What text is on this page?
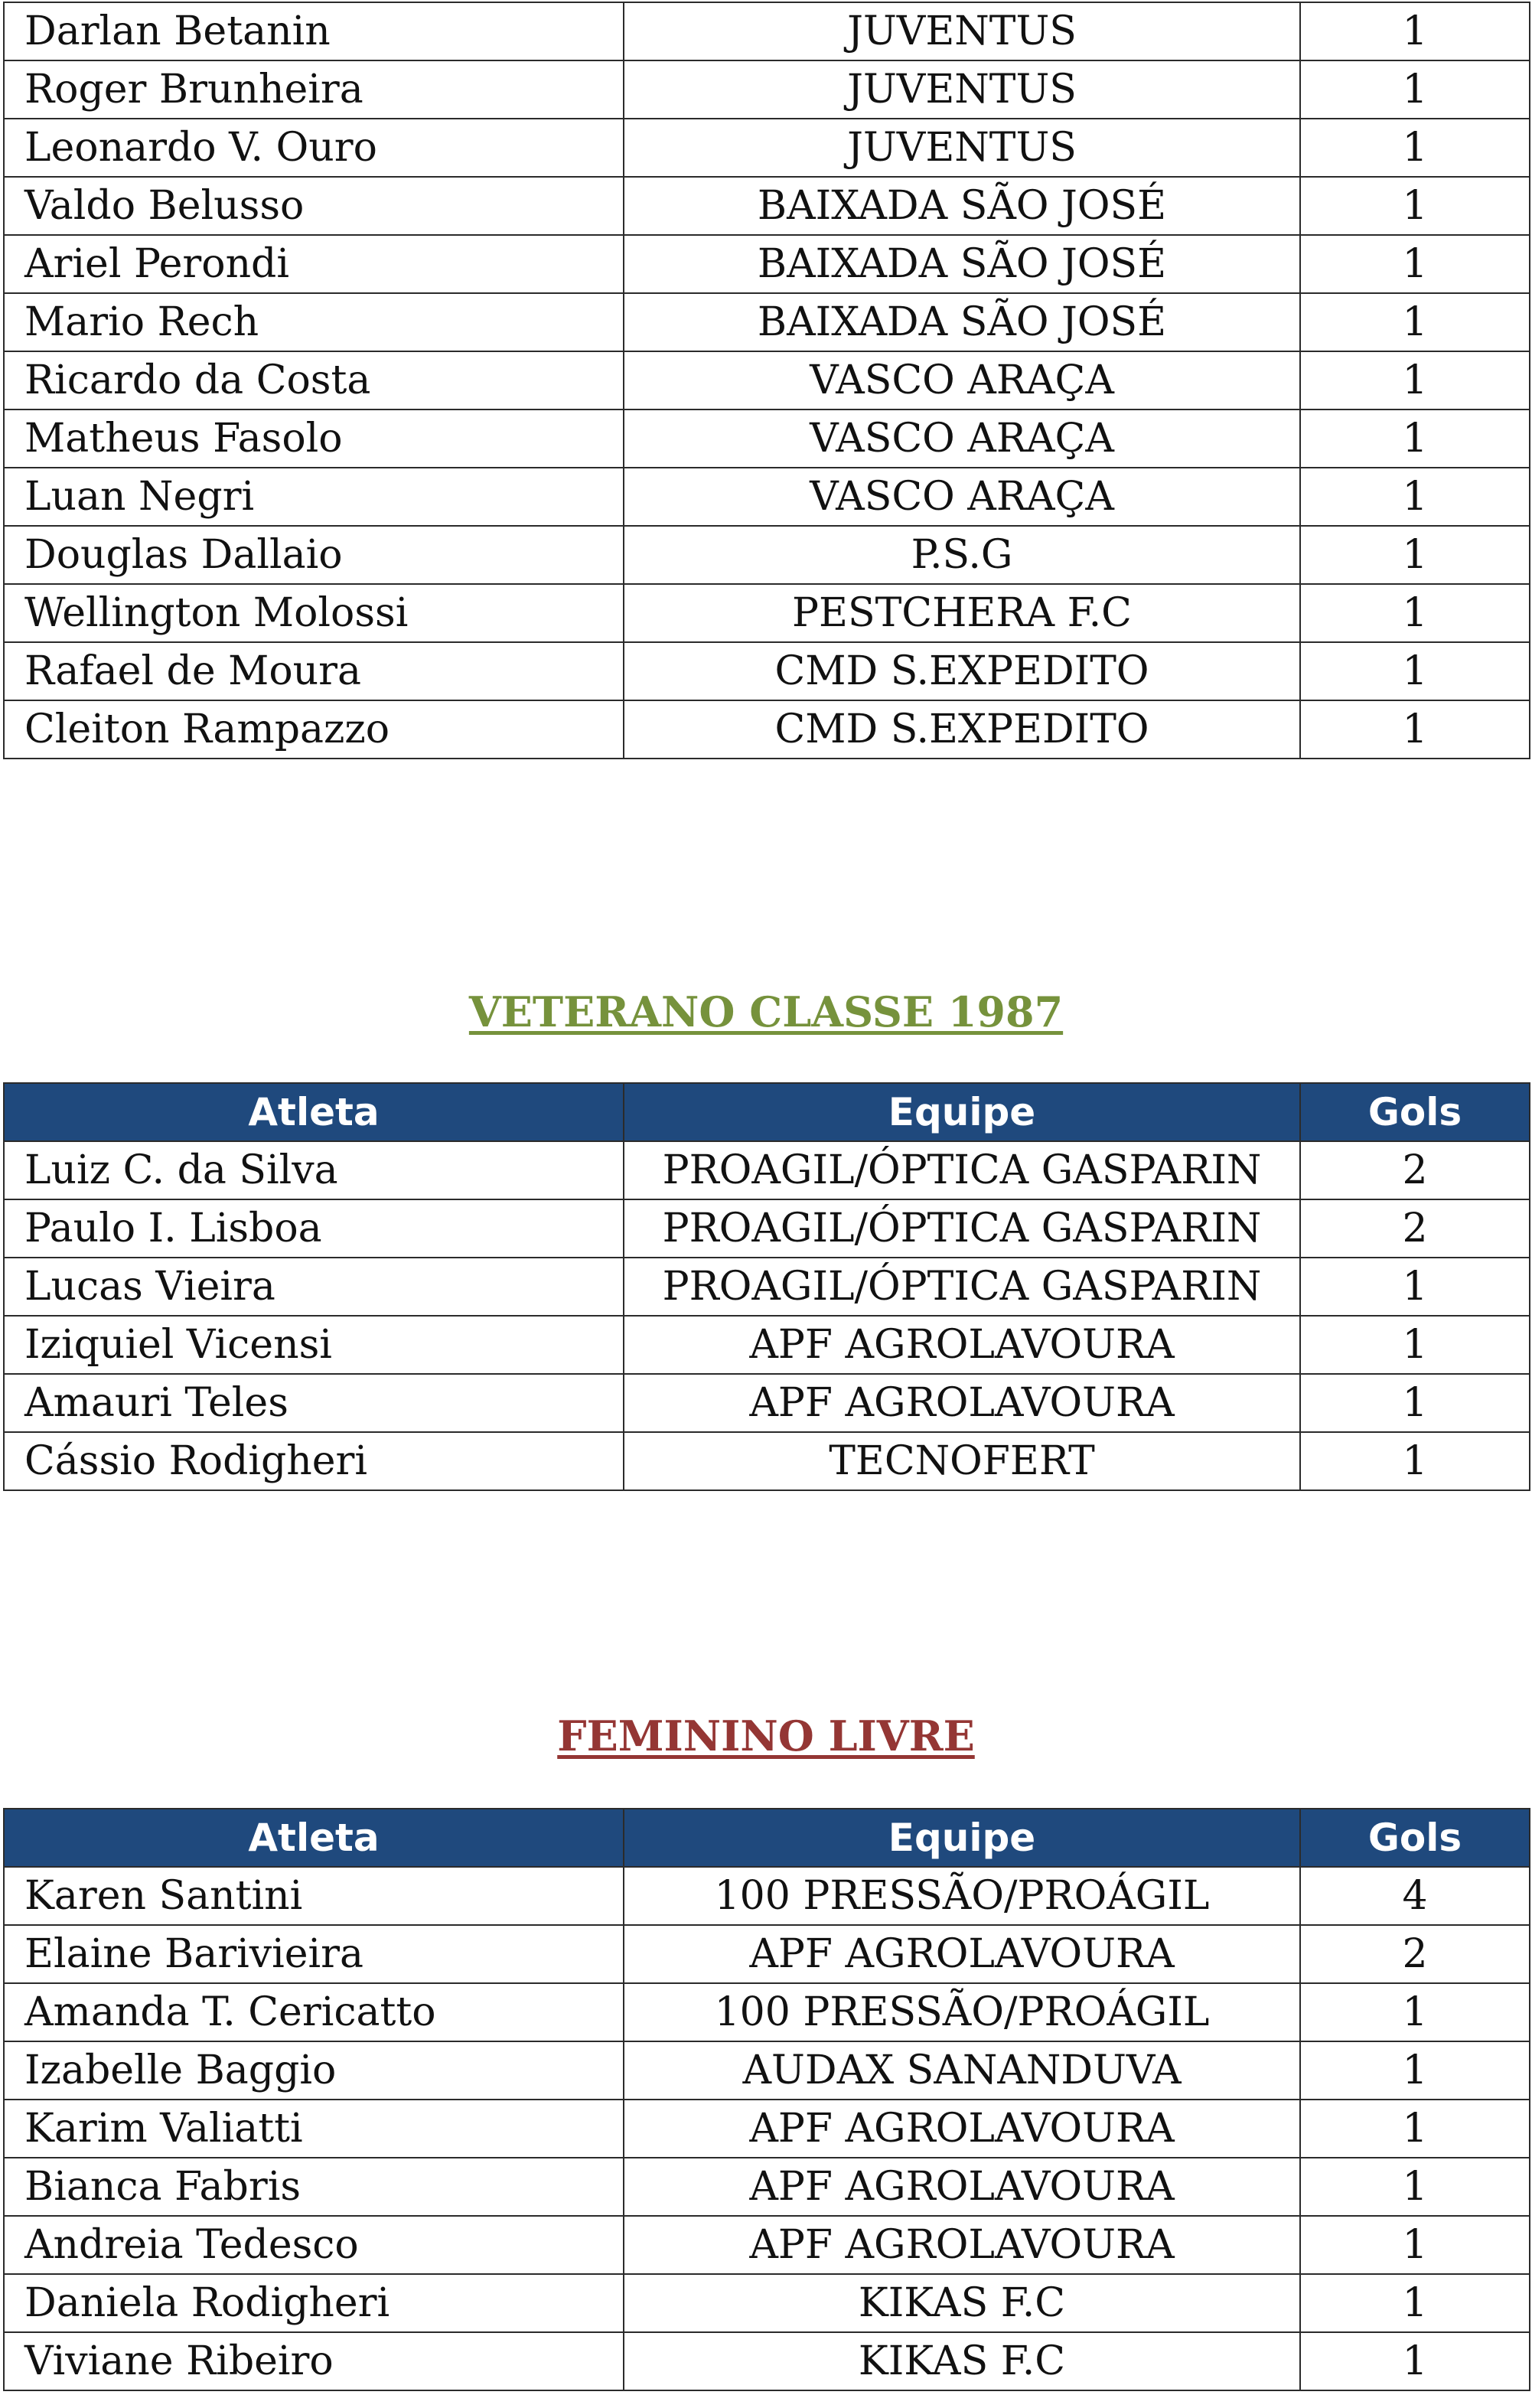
Darlan Betanin	JUVENTUS	1
Roger Brunheira	JUVENTUS	1
Leonardo V. Ouro	JUVENTUS	1
Valdo Belusso	BAIXADA SÃO JOSÉ	1
Ariel Perondi	BAIXADA SÃO JOSÉ	1
Mario Rech	BAIXADA SÃO JOSÉ	1
Ricardo da Costa	VASCO ARAÇA	1
Matheus Fasolo	VASCO ARAÇA	1
Luan Negri	VASCO ARAÇA	1
Douglas Dallaio	P.S.G	1
Wellington Molossi	PESTCHERA F.C	1
Rafael de Moura	CMD S.EXPEDITO	1
Cleiton Rampazzo	CMD S.EXPEDITO	1
VETERANO CLASSE 1987
Atleta	Equipe	Gols
Luiz C. da Silva	PROAGIL/ÓPTICA GASPARIN	2
Paulo I. Lisboa	PROAGIL/ÓPTICA GASPARIN	2
Lucas Vieira	PROAGIL/ÓPTICA GASPARIN	1
Iziquiel Vicensi	APF AGROLAVOURA	1
Amauri Teles	APF AGROLAVOURA	1
Cássio Rodigheri	TECNOFERT	1
FEMININO LIVRE
Atleta	Equipe	Gols
Karen Santini	100 PRESSÃO/PROÁGIL	4
Elaine Barivieira	APF AGROLAVOURA	2
Amanda T. Cericatto	100 PRESSÃO/PROÁGIL	1
Izabelle Baggio	AUDAX SANANDUVA	1
Karim Valiatti	APF AGROLAVOURA	1
Bianca Fabris	APF AGROLAVOURA	1
Andreia Tedesco	APF AGROLAVOURA	1
Daniela Rodigheri	KIKAS F.C	1
Viviane Ribeiro	KIKAS F.C	1
